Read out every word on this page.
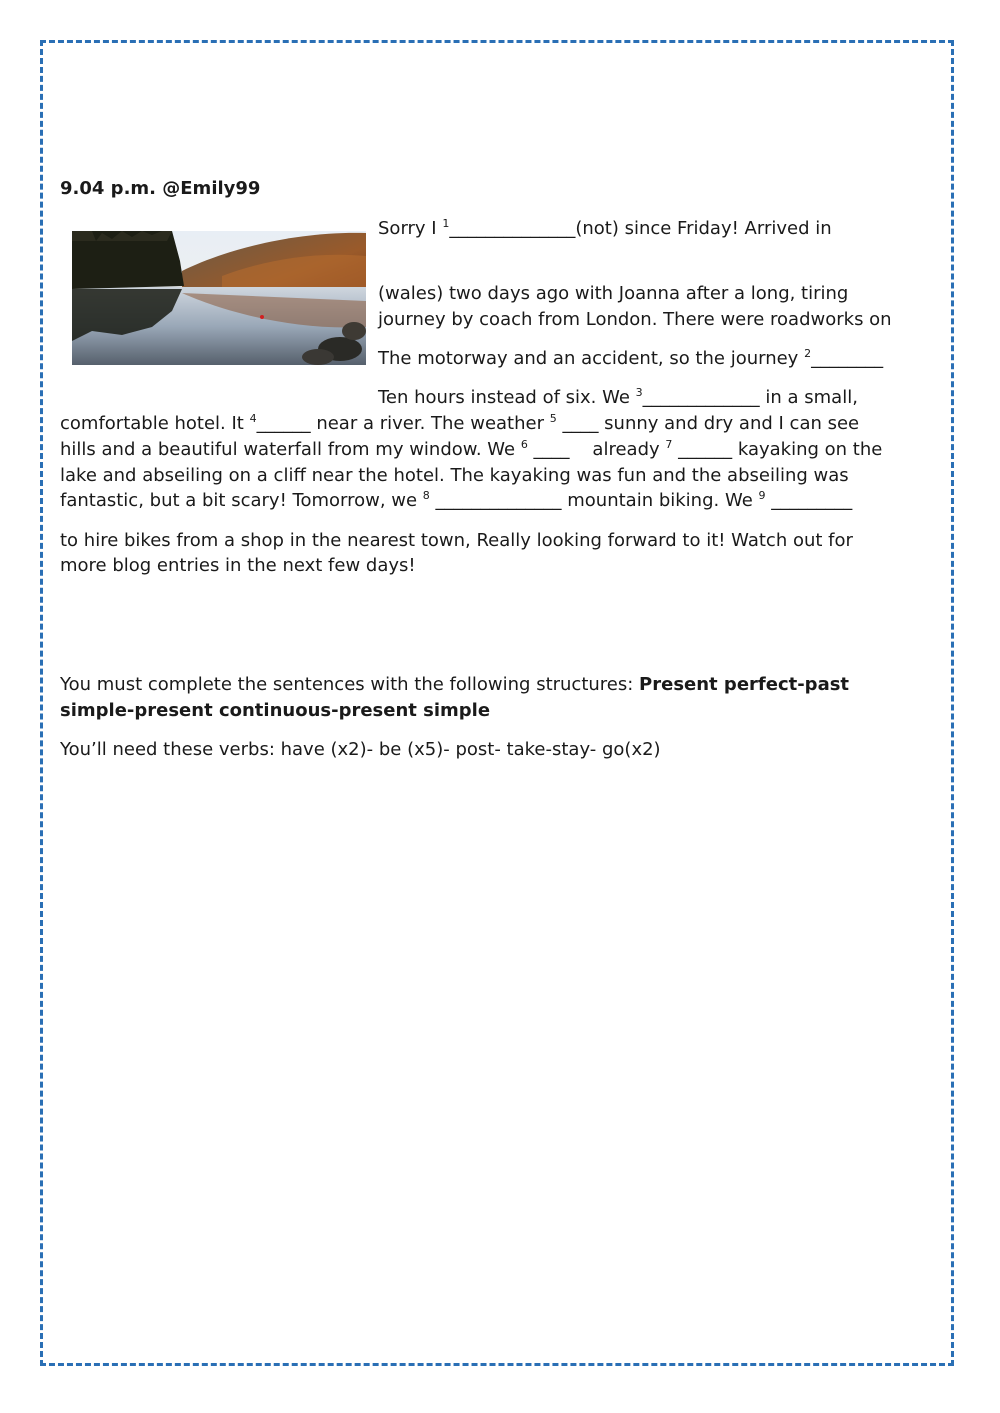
9.04 p.m. @Emily99

Sorry I $^1$______________(not) since Friday! Arrived in

(wales) two days ago with Joanna after a long, tiring

journey by coach from London. There were roadworks on

The motorway and an accident, so the journey $^2$________

Ten hours instead of six. We $^3$_____________ in a small,

comfortable hotel. It $^4$______ near a river. The weather $^5$ ____ sunny and dry and I can see

hills and a beautiful waterfall from my window. We $^6$ ____    already $^7$ ______ kayaking on the

lake and abseiling on a cliff near the hotel. The kayaking was fun and the abseiling was

fantastic, but a bit scary! Tomorrow, we $^8$ ______________ mountain biking. We $^9$ _________

to hire bikes from a shop in the nearest town, Really looking forward to it! Watch out for

more blog entries in the next few days!

You must complete the sentences with the following structures: Present perfect-past

simple-present continuous-present simple

You’ll need these verbs: have (x2)- be (x5)- post- take-stay- go(x2)
